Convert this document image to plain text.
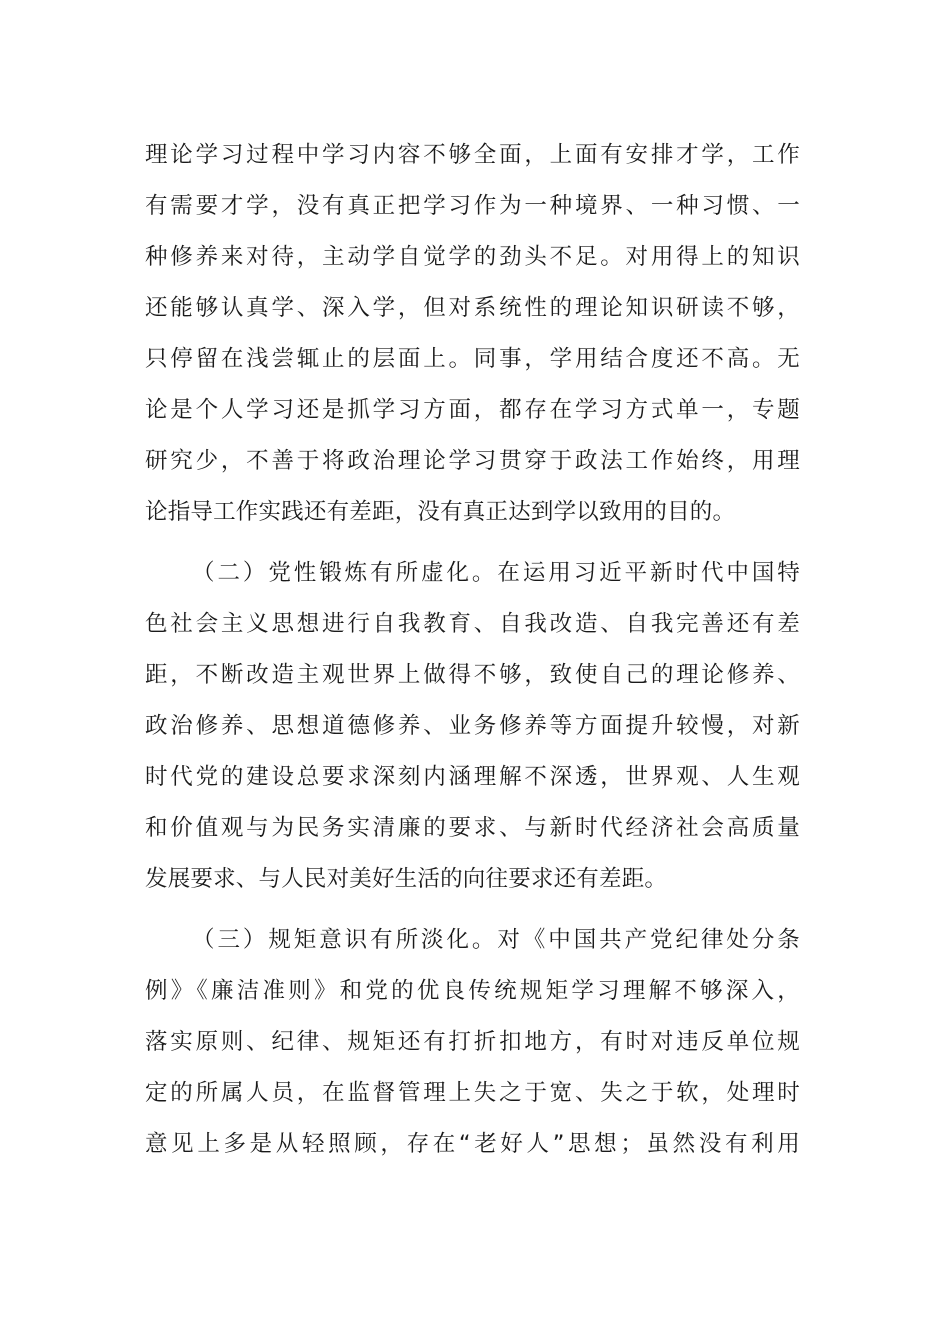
理论学习过程中学习内容不够全面，上面有安排才学，工作
有需要才学，没有真正把学习作为一种境界、一种习惯、一
种修养来对待，主动学自觉学的劲头不足。对用得上的知识
还能够认真学、深入学，但对系统性的理论知识研读不够，
只停留在浅尝辄止的层面上。同事，学用结合度还不高。无
论是个人学习还是抓学习方面，都存在学习方式单一，专题
研究少，不善于将政治理论学习贯穿于政法工作始终，用理
论指导工作实践还有差距，没有真正达到学以致用的目的。
（二）党性锻炼有所虚化。在运用习近平新时代中国特
色社会主义思想进行自我教育、自我改造、自我完善还有差
距，不断改造主观世界上做得不够，致使自己的理论修养、
政治修养、思想道德修养、业务修养等方面提升较慢，对新
时代党的建设总要求深刻内涵理解不深透，世界观、人生观
和价值观与为民务实清廉的要求、与新时代经济社会高质量
发展要求、与人民对美好生活的向往要求还有差距。
（三）规矩意识有所淡化。对《中国共产党纪律处分条
例》《廉洁准则》和党的优良传统规矩学习理解不够深入，
落实原则、纪律、规矩还有打折扣地方，有时对违反单位规
定的所属人员，在监督管理上失之于宽、失之于软，处理时
意见上多是从轻照顾，存在“老好人”思想；虽然没有利用
